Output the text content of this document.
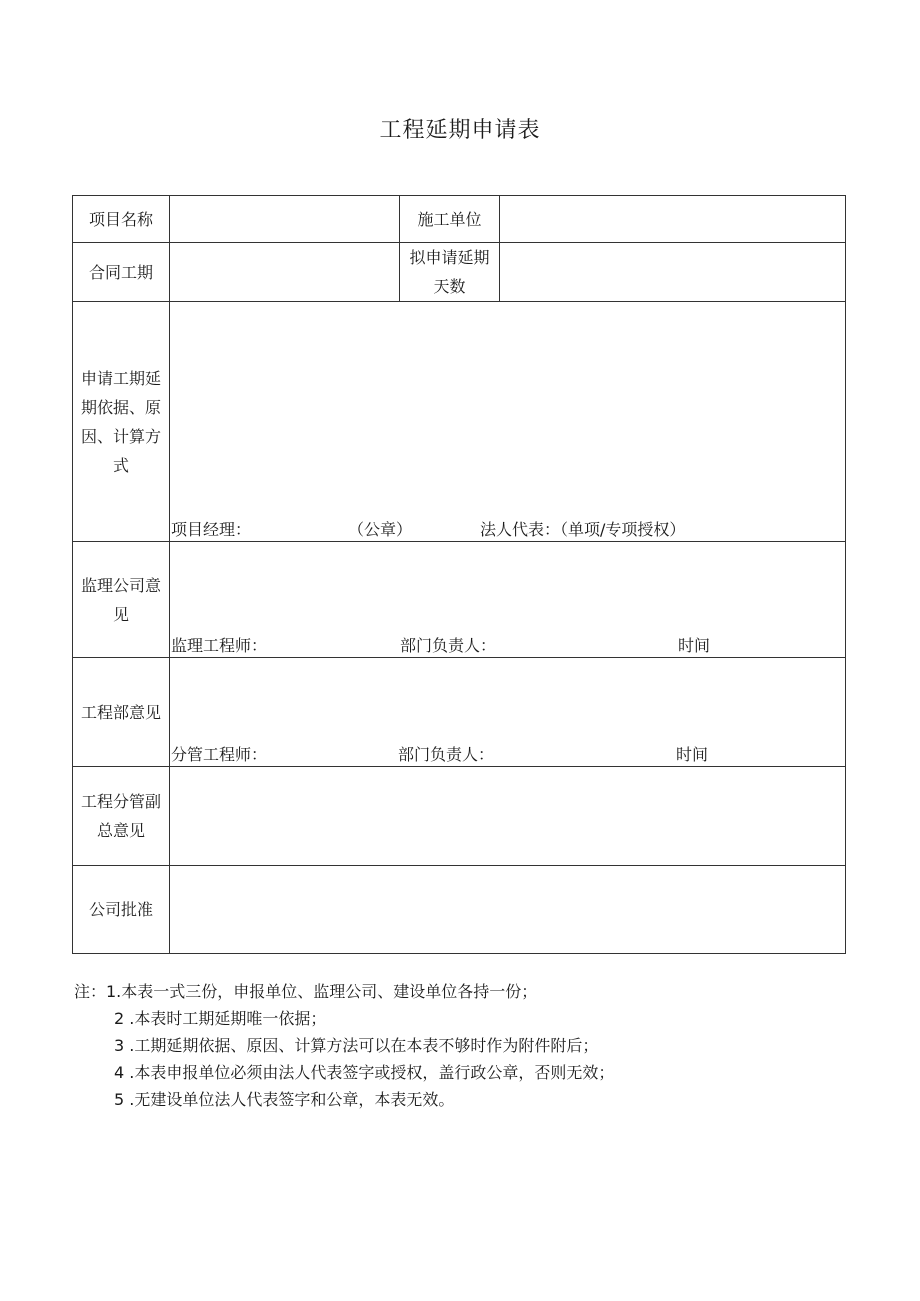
工程延期申请表
项目名称		施工单位	
合同工期		拟申请延期天数	
申请工期延期依据、原因、计算方式	项目经理： （公章） 法人代表：（单项/专项授权）		

监理公司意见	监理工程师： 部门负责人： 时间		

工程部意见	分管工程师： 部门负责人： 时间		

工程分管副总意见			
公司批准			
注：1.本表一式三份，申报单位、监理公司、建设单位各持一份；
2 .本表时工期延期唯一依据；
3 .工期延期依据、原因、计算方法可以在本表不够时作为附件附后；
4 .本表申报单位必须由法人代表签字或授权，盖行政公章，否则无效；
5 .无建设单位法人代表签字和公章，本表无效。
